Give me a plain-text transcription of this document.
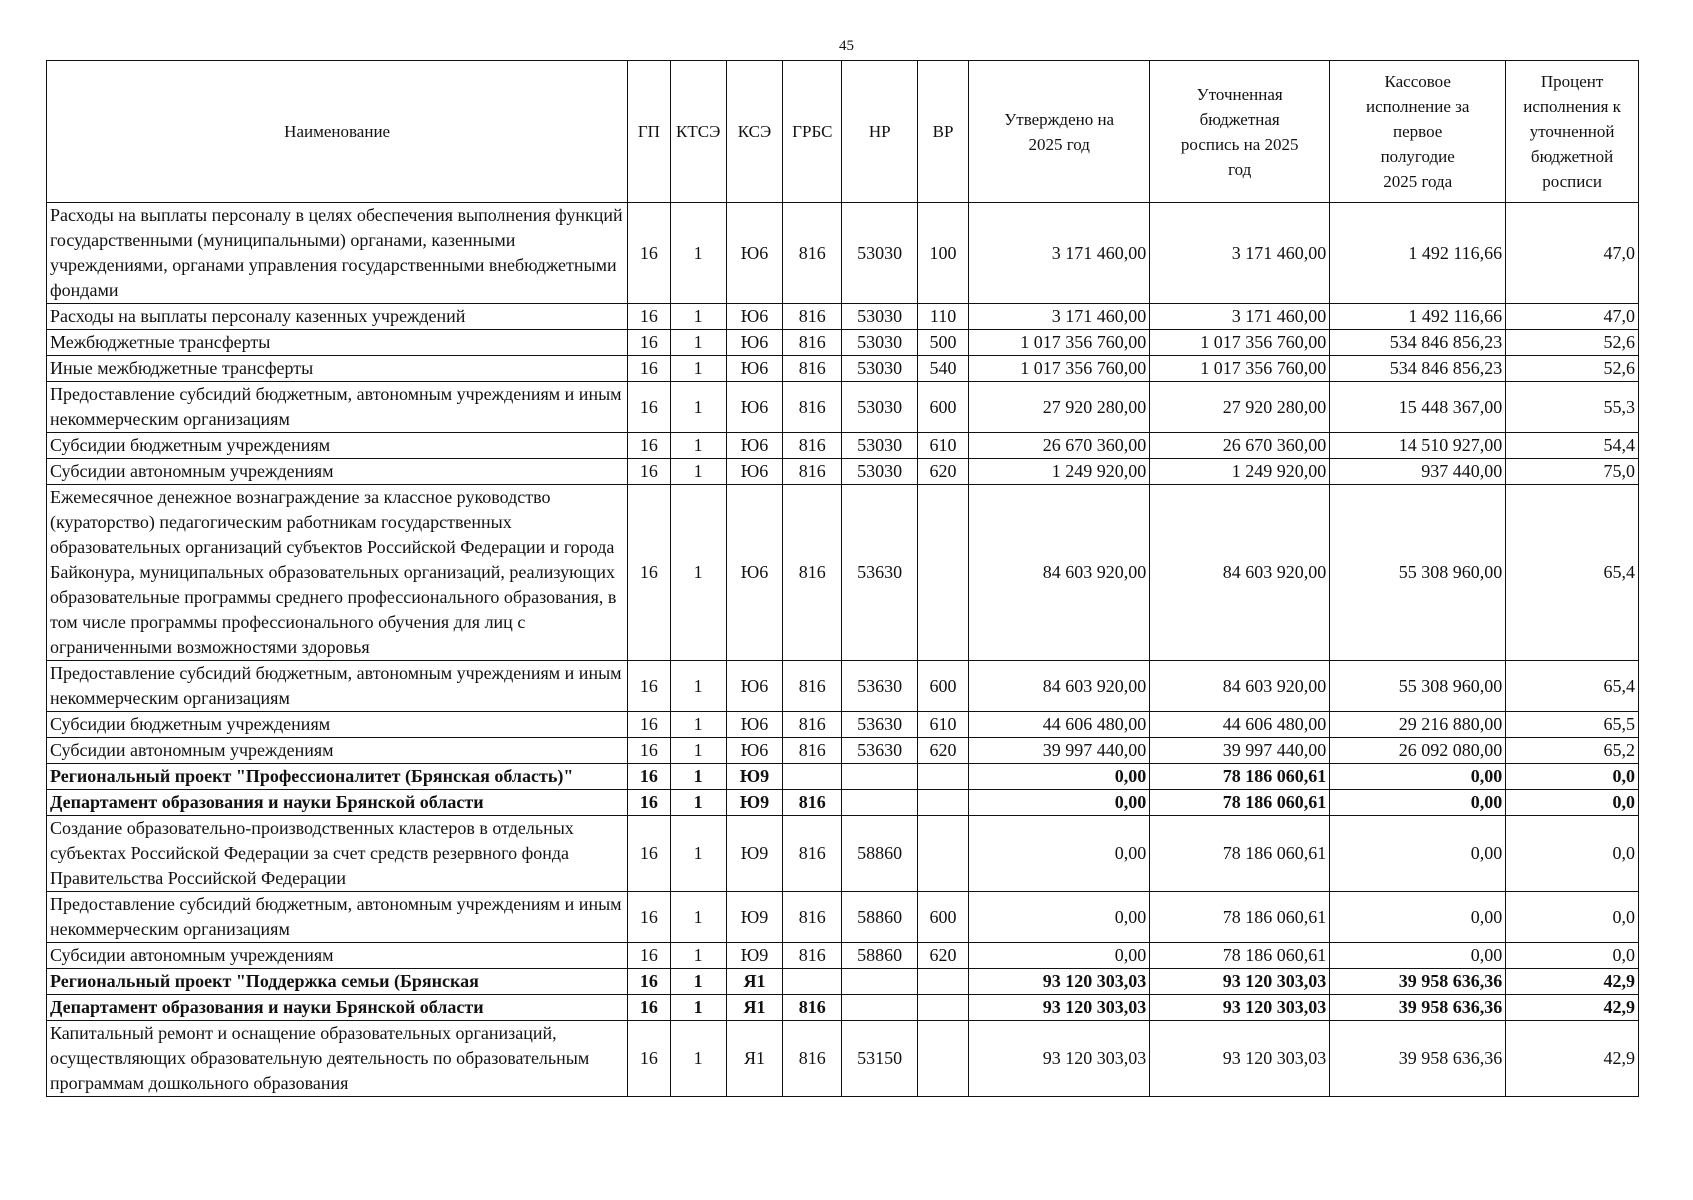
45
Наименование	ГП	КТСЭ	КСЭ	ГРБС	НР	ВР	Утверждено на 2025 год	Уточненная бюджетная роспись на 2025 год	Кассовое исполнение за первое полугодие 2025 года	Процент исполнения к уточненной бюджетной росписи
Расходы на выплаты персоналу в целях обеспечения выполнения функций государственными (муниципальными) органами, казенными учреждениями, органами управления государственными внебюджетными фондами	16	1	Ю6	816	53030	100	3 171 460,00	3 171 460,00	1 492 116,66	47,0
Расходы на выплаты персоналу казенных учреждений	16	1	Ю6	816	53030	110	3 171 460,00	3 171 460,00	1 492 116,66	47,0
Межбюджетные трансферты	16	1	Ю6	816	53030	500	1 017 356 760,00	1 017 356 760,00	534 846 856,23	52,6
Иные межбюджетные трансферты	16	1	Ю6	816	53030	540	1 017 356 760,00	1 017 356 760,00	534 846 856,23	52,6
Предоставление субсидий бюджетным, автономным учреждениям и иным некоммерческим организациям	16	1	Ю6	816	53030	600	27 920 280,00	27 920 280,00	15 448 367,00	55,3
Субсидии бюджетным учреждениям	16	1	Ю6	816	53030	610	26 670 360,00	26 670 360,00	14 510 927,00	54,4
Субсидии автономным учреждениям	16	1	Ю6	816	53030	620	1 249 920,00	1 249 920,00	937 440,00	75,0
Ежемесячное денежное вознаграждение за классное руководство (кураторство) педагогическим работникам государственных образовательных организаций субъектов Российской Федерации и города Байконура, муниципальных образовательных организаций, реализующих образовательные программы среднего профессионального образования, в том числе программы профессионального обучения для лиц с ограниченными возможностями здоровья	16	1	Ю6	816	53630		84 603 920,00	84 603 920,00	55 308 960,00	65,4
Предоставление субсидий бюджетным, автономным учреждениям и иным некоммерческим организациям	16	1	Ю6	816	53630	600	84 603 920,00	84 603 920,00	55 308 960,00	65,4
Субсидии бюджетным учреждениям	16	1	Ю6	816	53630	610	44 606 480,00	44 606 480,00	29 216 880,00	65,5
Субсидии автономным учреждениям	16	1	Ю6	816	53630	620	39 997 440,00	39 997 440,00	26 092 080,00	65,2
Региональный проект "Профессионалитет (Брянская область)"	16	1	Ю9				0,00	78 186 060,61	0,00	0,0
Департамент образования и науки Брянской области	16	1	Ю9	816			0,00	78 186 060,61	0,00	0,0
Создание образовательно-производственных кластеров в отдельных субъектах Российской Федерации за счет средств резервного фонда Правительства Российской Федерации	16	1	Ю9	816	58860		0,00	78 186 060,61	0,00	0,0
Предоставление субсидий бюджетным, автономным учреждениям и иным некоммерческим организациям	16	1	Ю9	816	58860	600	0,00	78 186 060,61	0,00	0,0
Субсидии автономным учреждениям	16	1	Ю9	816	58860	620	0,00	78 186 060,61	0,00	0,0
Региональный проект "Поддержка семьи (Брянская	16	1	Я1				93 120 303,03	93 120 303,03	39 958 636,36	42,9
Департамент образования и науки Брянской области	16	1	Я1	816			93 120 303,03	93 120 303,03	39 958 636,36	42,9
Капитальный ремонт и оснащение образовательных организаций, осуществляющих образовательную деятельность по образовательным программам дошкольного образования	16	1	Я1	816	53150		93 120 303,03	93 120 303,03	39 958 636,36	42,9
